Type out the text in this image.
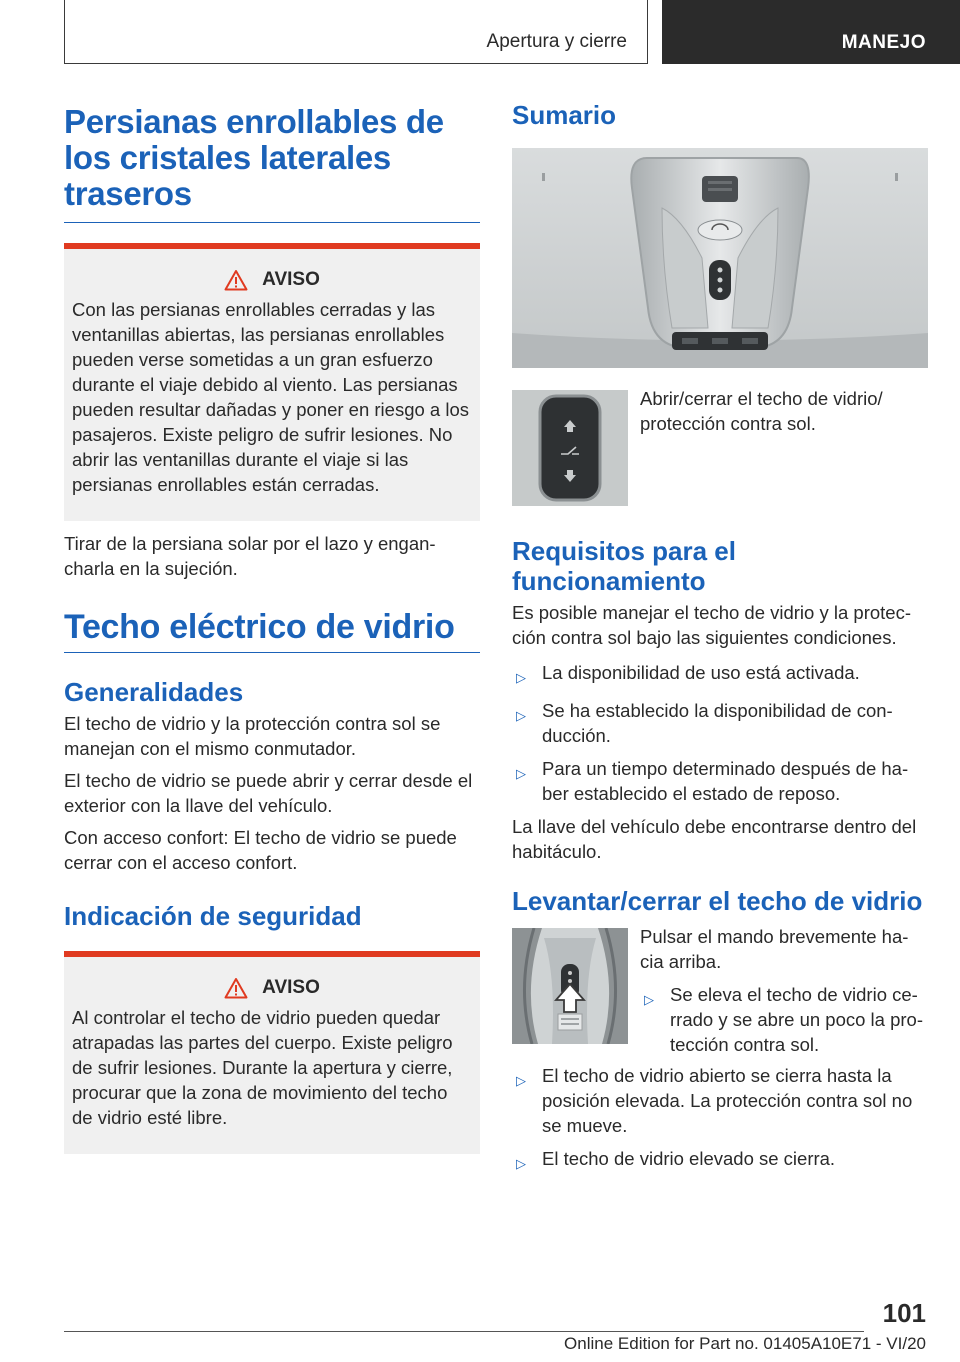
Apertura y cierre	MANEJO
Persianas enrollables de
los cristales laterales
traseros
AVISO

Con las persianas enrollables cerradas y las ventanillas abiertas, las persianas enrollables pueden verse sometidas a un gran esfuerzo durante el viaje debido al viento. Las persianas pueden resultar dañadas y poner en riesgo a los pasajeros. Existe peligro de sufrir lesiones. No abrir las ventanillas durante el viaje si las persianas enrollables están cerradas.

Tirar de la persiana solar por el lazo y engan-charla en la sujeción.

Techo eléctrico de vidrio
Generalidades

El techo de vidrio y la protección contra sol se manejan con el mismo conmutador.

El techo de vidrio se puede abrir y cerrar desde el exterior con la llave del vehículo.

Con acceso confort: El techo de vidrio se puede cerrar con el acceso confort.

Indicación de seguridad
AVISO

Al controlar el techo de vidrio pueden quedar atrapadas las partes del cuerpo. Existe peligro de sufrir lesiones. Durante la apertura y cierre, procurar que la zona de movimiento del techo de vidrio esté libre.

Sumario

Abrir/cerrar el techo de vidrio/ protección contra sol.

Requisitos para el
funcionamiento

Es posible manejar el techo de vidrio y la protec-ción contra sol bajo las siguientes condiciones.

▷ La disponibilidad de uso está activada.
▷ Se ha establecido la disponibilidad de con-ducción.
▷ Para un tiempo determinado después de ha-ber establecido el estado de reposo.

La llave del vehículo debe encontrarse dentro del habitáculo.

Levantar/cerrar el techo de vidrio

Pulsar el mando brevemente ha-cia arriba.

▷ Se eleva el techo de vidrio ce-rrado y se abre un poco la pro-tección contra sol.
▷ El techo de vidrio abierto se cierra hasta la posición elevada. La protección contra sol no se mueve.
▷ El techo de vidrio elevado se cierra.
101
Online Edition for Part no. 01405A10E71 - VI/20
